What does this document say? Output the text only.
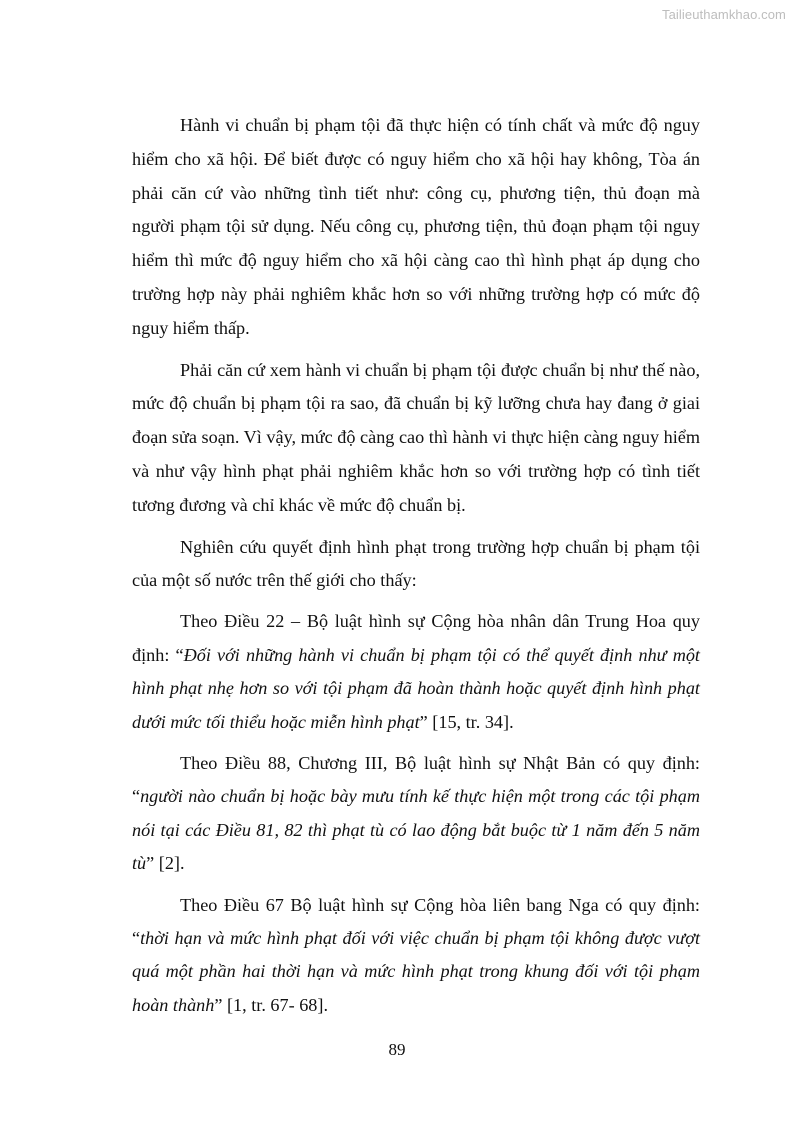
Tailieuthamkhao.com

Hành vi chuẩn bị phạm tội đã thực hiện có tính chất và mức độ nguy hiểm cho xã hội. Để biết được có nguy hiểm cho xã hội hay không, Tòa án phải căn cứ vào những tình tiết như: công cụ, phương tiện, thủ đoạn mà người phạm tội sử dụng. Nếu công cụ, phương tiện, thủ đoạn phạm tội nguy hiểm thì mức độ nguy hiểm cho xã hội càng cao thì hình phạt áp dụng cho trường hợp này phải nghiêm khắc hơn so với những trường hợp có mức độ nguy hiểm thấp.

Phải căn cứ xem hành vi chuẩn bị phạm tội được chuẩn bị như thế nào, mức độ chuẩn bị phạm tội ra sao, đã chuẩn bị kỹ lưỡng chưa hay đang ở giai đoạn sửa soạn. Vì vậy, mức độ càng cao thì hành vi thực hiện càng nguy hiểm và như vậy hình phạt phải nghiêm khắc hơn so với trường hợp có tình tiết tương đương và chỉ khác về mức độ chuẩn bị.

Nghiên cứu quyết định hình phạt trong trường hợp chuẩn bị phạm tội của một số nước trên thế giới cho thấy:

Theo Điều 22 – Bộ luật hình sự Cộng hòa nhân dân Trung Hoa quy định: “Đối với những hành vi chuẩn bị phạm tội có thể quyết định như một hình phạt nhẹ hơn so với tội phạm đã hoàn thành hoặc quyết định hình phạt dưới mức tối thiểu hoặc miễn hình phạt” [15, tr. 34].

Theo Điều 88, Chương III, Bộ luật hình sự Nhật Bản có quy định: “người nào chuẩn bị hoặc bày mưu tính kế thực hiện một trong các tội phạm nói tại các Điều 81, 82 thì phạt tù có lao động bắt buộc từ 1 năm đến 5 năm tù” [2].

Theo Điều 67 Bộ luật hình sự Cộng hòa liên bang Nga có quy định: “thời hạn và mức hình phạt đối với việc chuẩn bị phạm tội không được vượt quá một phần hai thời hạn và mức hình phạt trong khung đối với tội phạm hoàn thành” [1, tr. 67- 68].

89
